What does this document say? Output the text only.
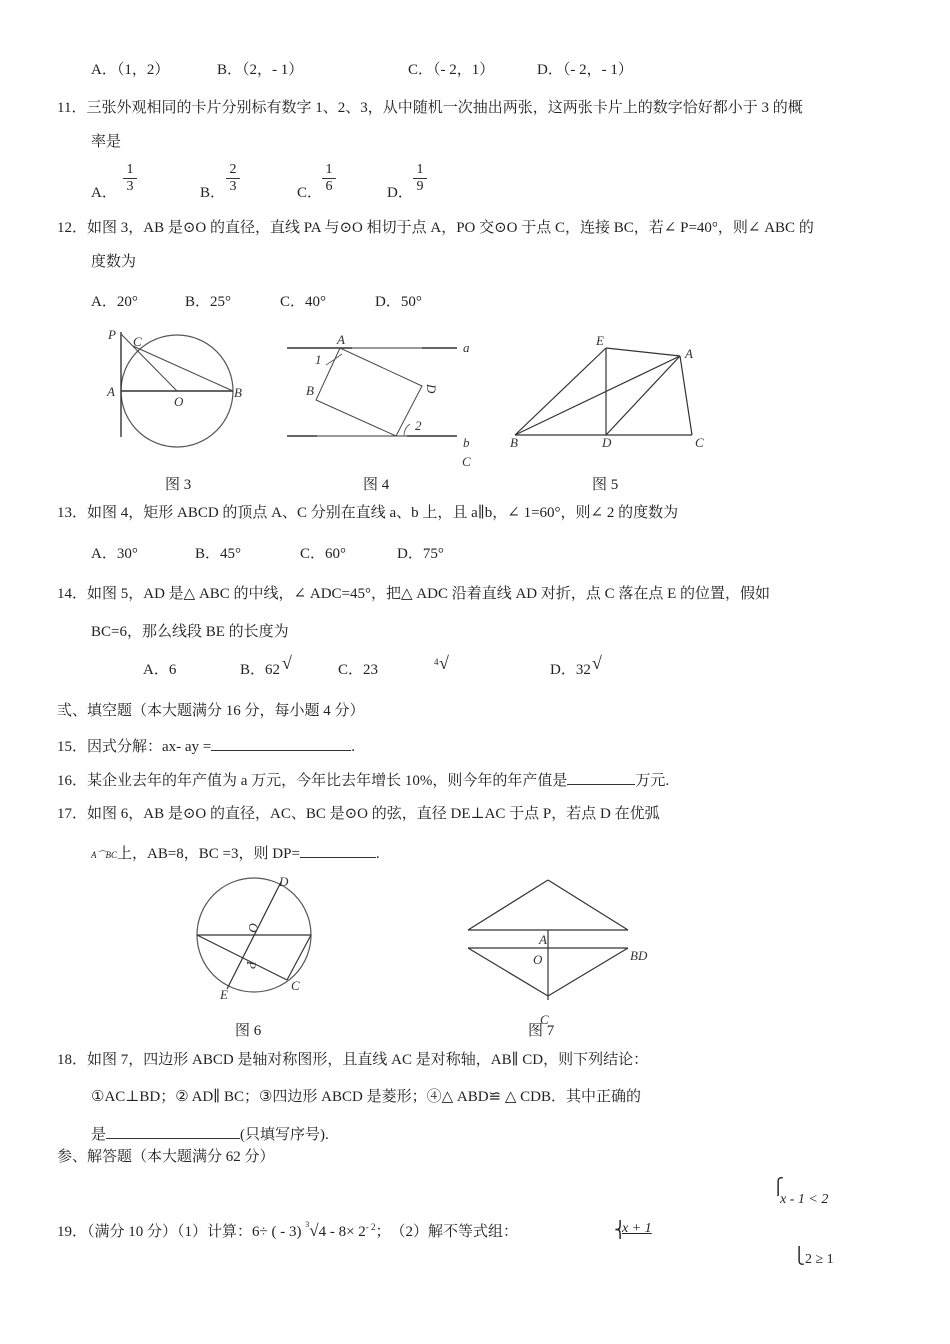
A．（1，2）	B．（2，- 1）	C．（- 2，1）	D．（- 2，- 1）
11．三张外观相同的卡片分别标有数字 1、2、3，从中随机一次抽出两张，这两张卡片上的数字恰好都小于 3 的概
率是
A． $\frac{1}{3}$	B． $\frac{2}{3}$	C． $\frac{1}{6}$	D． $\frac{1}{9}$
12．如图 3，AB 是⊙O 的直径，直线 PA 与⊙O 相切于点 A，PO 交⊙O 于点 C，连接 BC，若∠ P=40°，则∠ ABC 的
度数为
A．20°	B．25°	C．40°	D．50°
P C
A
O
B
图 3
A
a
1
B	D
2
b
C
图 4
E
A
B	D	C
图 5
13．如图 4，矩形 ABCD 的顶点 A、C 分别在直线 a、b 上，且 a∥b，∠ 1=60°，则∠ 2 的度数为
A．30°	B．45°	C．60°	D．75°
14．如图 5，AD 是△ ABC 的中线，∠ ADC=45°，把△ ADC 沿着直线 AD 对折，点 C 落在点 E 的位置，假如
BC=6，那么线段 BE 的长度为
A．6	B．62 √	C．23	4 √	D．32 √
弎、填空题（本大题满分 16 分，每小题 4 分）
15．因式分解：ax- ay =	.
16．某企业去年的年产值为 a 万元，今年比去年增长 10%，则今年的年产值是	万元.
17．如图 6，AB 是⊙O 的直径，AC、BC 是⊙O 的弦，直径 DE⊥AC 于点 P，若点 D 在优弧
A⌒BC上，AB=8，BC =3，则 DP=	.
D
O
P
E
C
图 6
A
O	BD
C
图 7
18．如图 7，四边形 ABCD 是轴对称图形，且直线 AC 是对称轴，AB∥ CD，则下列结论：
①AC⊥BD；② AD∥ BC；③四边形 ABCD 是菱形；④△ ABD≌ △ CDB．其中正确的
是	(只填写序号).
参、解答题（本大题满分 62 分）
19．（满分 10 分）（1）计算：6÷ ( - 3) $^3√4 - 8\times 2^{- 2}$；　（2）解不等式组：
⎧
x - 1 < 2
⎨
x + 1
⎩ 2 ≥ 1
